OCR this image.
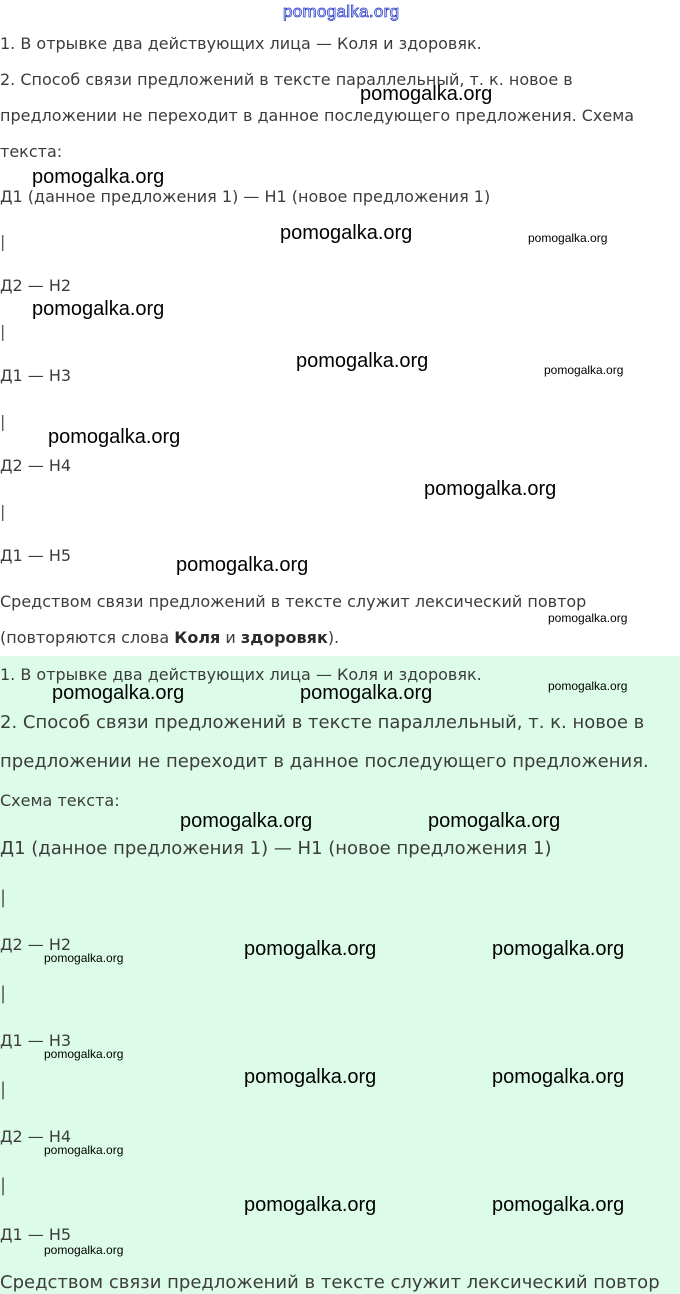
pomogalka.org
1. В отрывке два действующих лица — Коля и здоровяк.
2. Способ связи предложений в тексте параллельный, т. к. новое в
предложении не переходит в данное последующего предложения. Схема
текста:
Д1 (данное предложения 1) — Н1 (новое предложения 1)
|
Д2 — Н2
|
Д1 — Н3
|
Д2 — Н4
|
Д1 — Н5
Средством связи предложений в тексте служит лексический повтор
(повторяются слова Коля и здоровяк).
1. В отрывке два действующих лица — Коля и здоровяк.
2. Способ связи предложений в тексте параллельный, т. к. новое в
предложении не переходит в данное последующего предложения.
Схема текста:
Д1 (данное предложения 1) — Н1 (новое предложения 1)
|
Д2 — Н2
|
Д1 — Н3
|
Д2 — Н4
|
Д1 — Н5
Средством связи предложений в тексте служит лексический повтор
pomogalka.org
pomogalka.org
pomogalka.org	pomogalka.org
pomogalka.org
pomogalka.org	pomogalka.org
pomogalka.org
pomogalka.org
pomogalka.org
pomogalka.org
pomogalka.org	pomogalka.org	pomogalka.org
pomogalka.org	pomogalka.org
pomogalka.org	pomogalka.org
pomogalka.org
pomogalka.org
pomogalka.org	pomogalka.org
pomogalka.org
pomogalka.org	pomogalka.org
pomogalka.org
